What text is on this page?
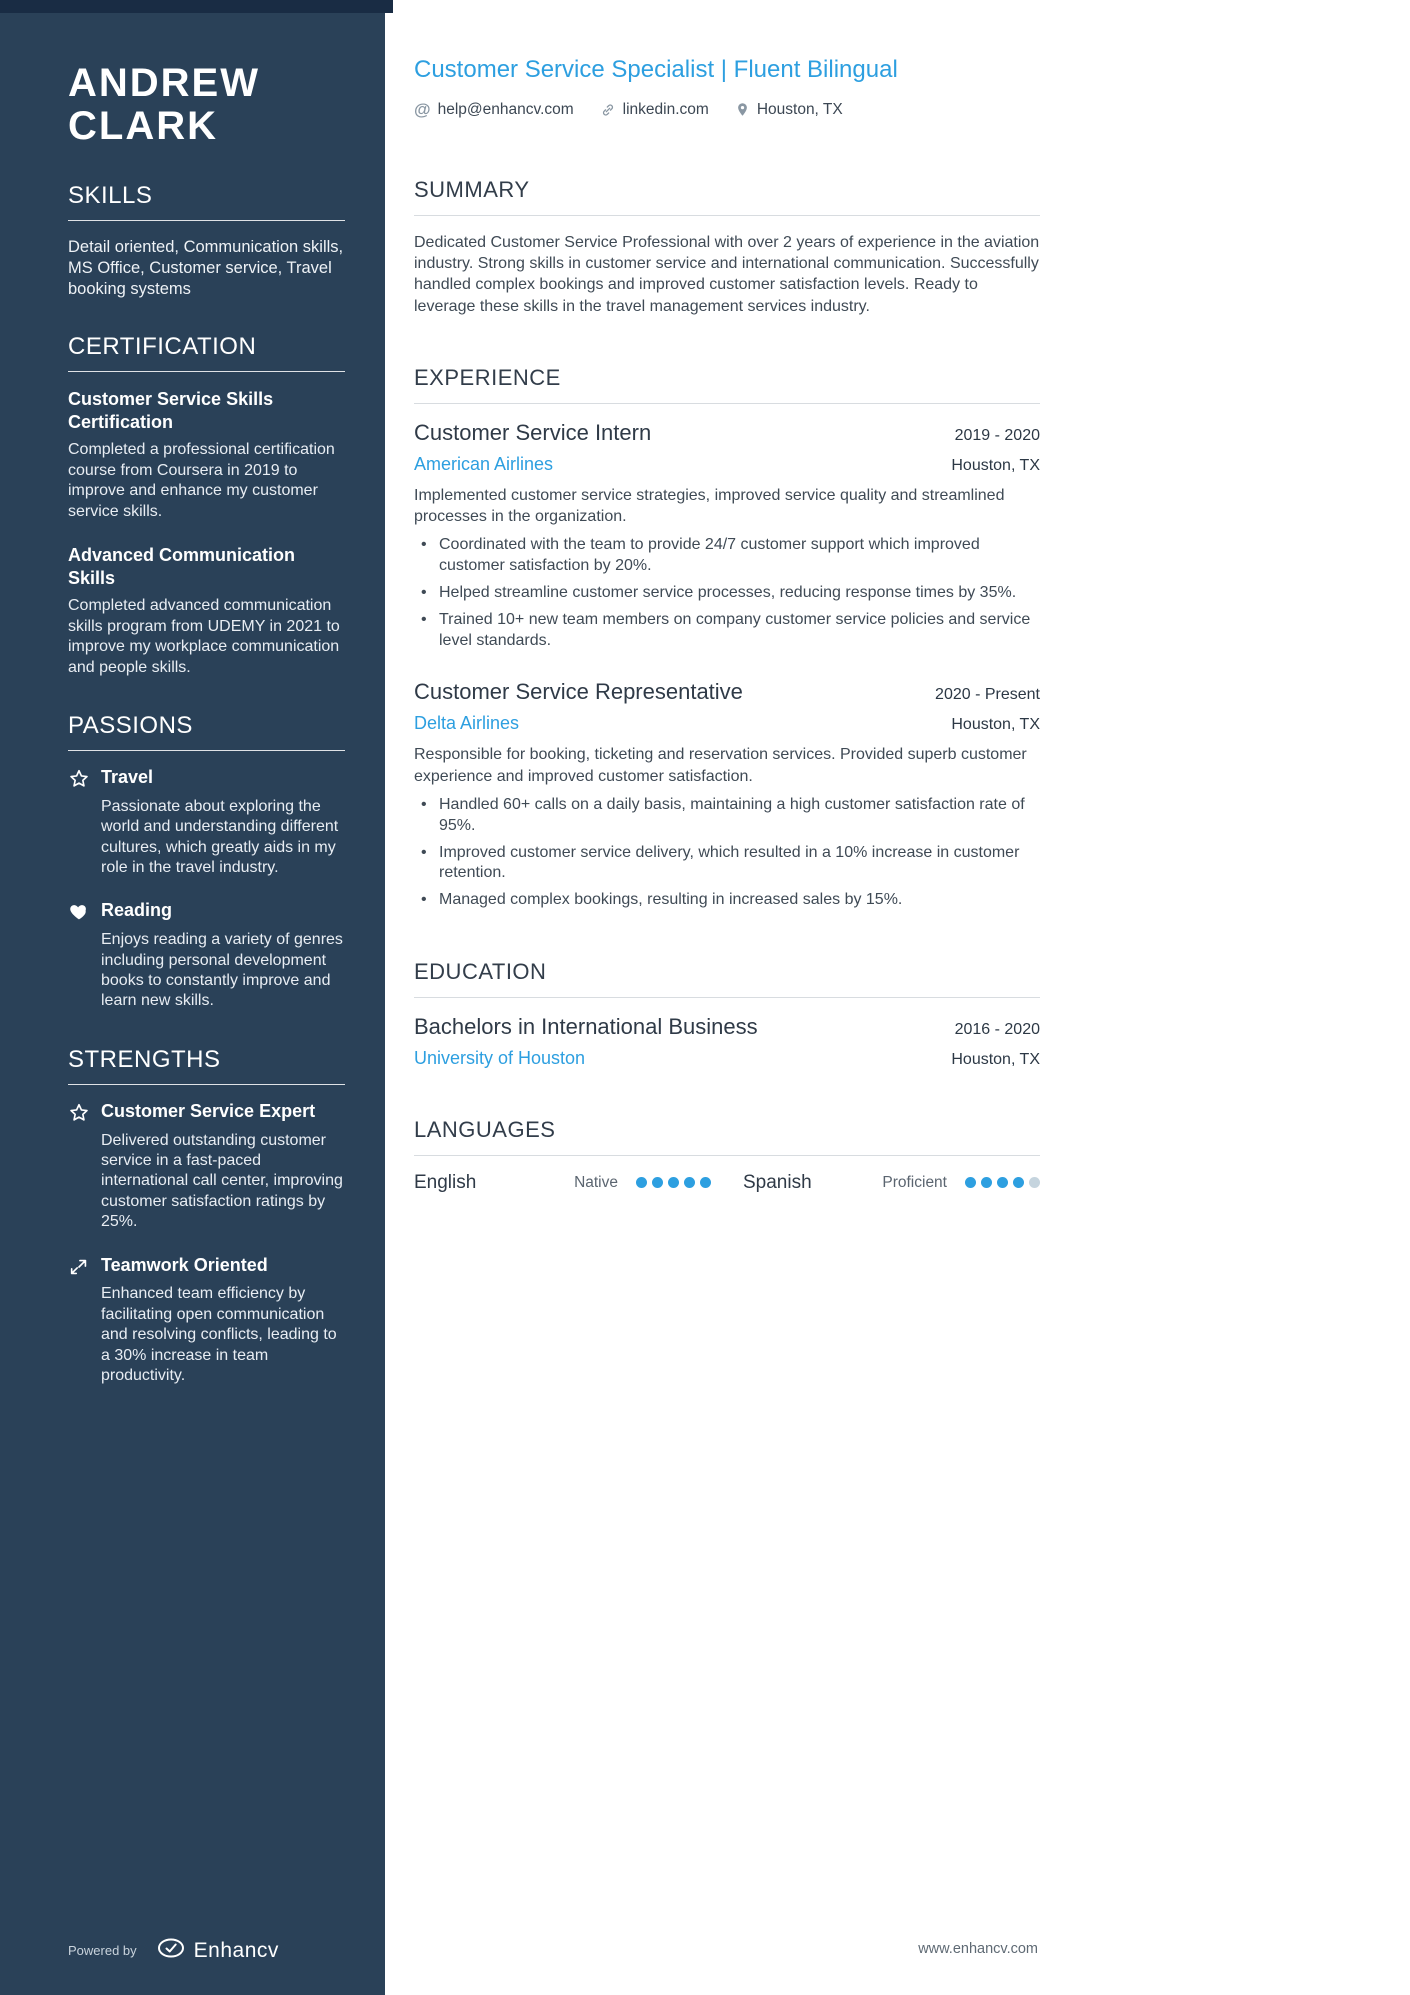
ANDREW
CLARK
SKILLS

Detail oriented, Communication skills, MS Office, Customer service, Travel booking systems

CERTIFICATION

Customer Service Skills Certification

Completed a professional certification course from Coursera in 2019 to improve and enhance my customer service skills.

Advanced Communication Skills

Completed advanced communication skills program from UDEMY in 2021 to improve my workplace communication and people skills.

PASSIONS

Travel

Passionate about exploring the world and understanding different cultures, which greatly aids in my role in the travel industry.

Reading

Enjoys reading a variety of genres including personal development books to constantly improve and learn new skills.

STRENGTHS

Customer Service Expert

Delivered outstanding customer service in a fast-paced international call center, improving customer satisfaction ratings by 25%.

Teamwork Oriented

Enhanced team efficiency by facilitating open communication and resolving conflicts, leading to a 30% increase in team productivity.

Powered by	Enhancv
Customer Service Specialist | Fluent Bilingual
@ help@enhancv.com	linkedin.com	Houston, TX
SUMMARY

Dedicated Customer Service Professional with over 2 years of experience in the aviation industry. Strong skills in customer service and international communication. Successfully handled complex bookings and improved customer satisfaction levels. Ready to leverage these skills in the travel management services industry.

EXPERIENCE
Customer Service Intern	2019 - 2020
American Airlines	Houston, TX

Implemented customer service strategies, improved service quality and streamlined processes in the organization.

• Coordinated with the team to provide 24/7 customer support which improved customer satisfaction by 20%.
• Helped streamline customer service processes, reducing response times by 35%.
• Trained 10+ new team members on company customer service policies and service level standards.
Customer Service Representative	2020 - Present
Delta Airlines	Houston, TX

Responsible for booking, ticketing and reservation services. Provided superb customer experience and improved customer satisfaction.

• Handled 60+ calls on a daily basis, maintaining a high customer satisfaction rate of 95%.
• Improved customer service delivery, which resulted in a 10% increase in customer retention.
• Managed complex bookings, resulting in increased sales by 15%.
EDUCATION
Bachelors in International Business	2016 - 2020
University of Houston	Houston, TX
LANGUAGES
English	Native	Spanish	Proficient
www.enhancv.com
